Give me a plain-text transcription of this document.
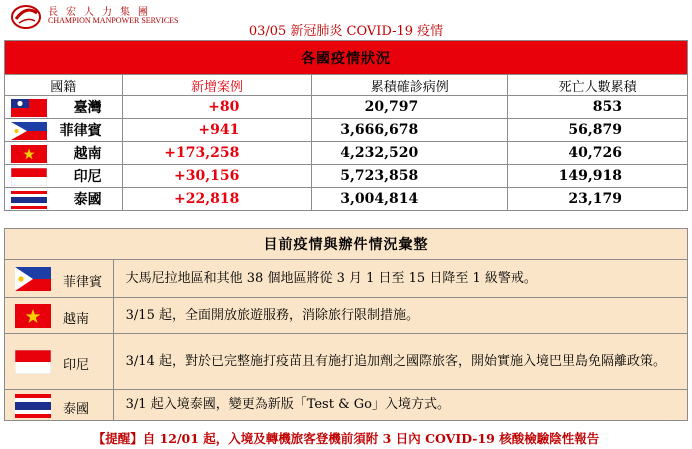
長宏人力集團
CHAMPION MANPOWER SERVICES
03/05 新冠肺炎 COVID-19 疫情
各國疫情狀況			
國籍	新增案例	累積確診病例	死亡人數累積

臺灣	+80	20,797	853

菲律賓	+941	3,666,678	56,879

越南	+173,258	4,232,520	40,726

印尼	+30,156	5,723,858	149,918

泰國	+22,818	3,004,814	23,179
目前疫情與辦件情況彙整	

菲律賓	大馬尼拉地區和其他 38 個地區將從 3 月 1 日至 15 日降至 1 級警戒。

越南	3/15 起，全面開放旅遊服務，消除旅行限制措施。

印尼	3/14 起，對於已完整施打疫苗且有施打追加劑之國際旅客，開始實施入境巴里島免隔離政策。

泰國	3/1 起入境泰國，變更為新版「Test & Go」入境方式。
【提醒】自 12/01 起，入境及轉機旅客登機前須附 3 日內 COVID-19 核酸檢驗陰性報告
